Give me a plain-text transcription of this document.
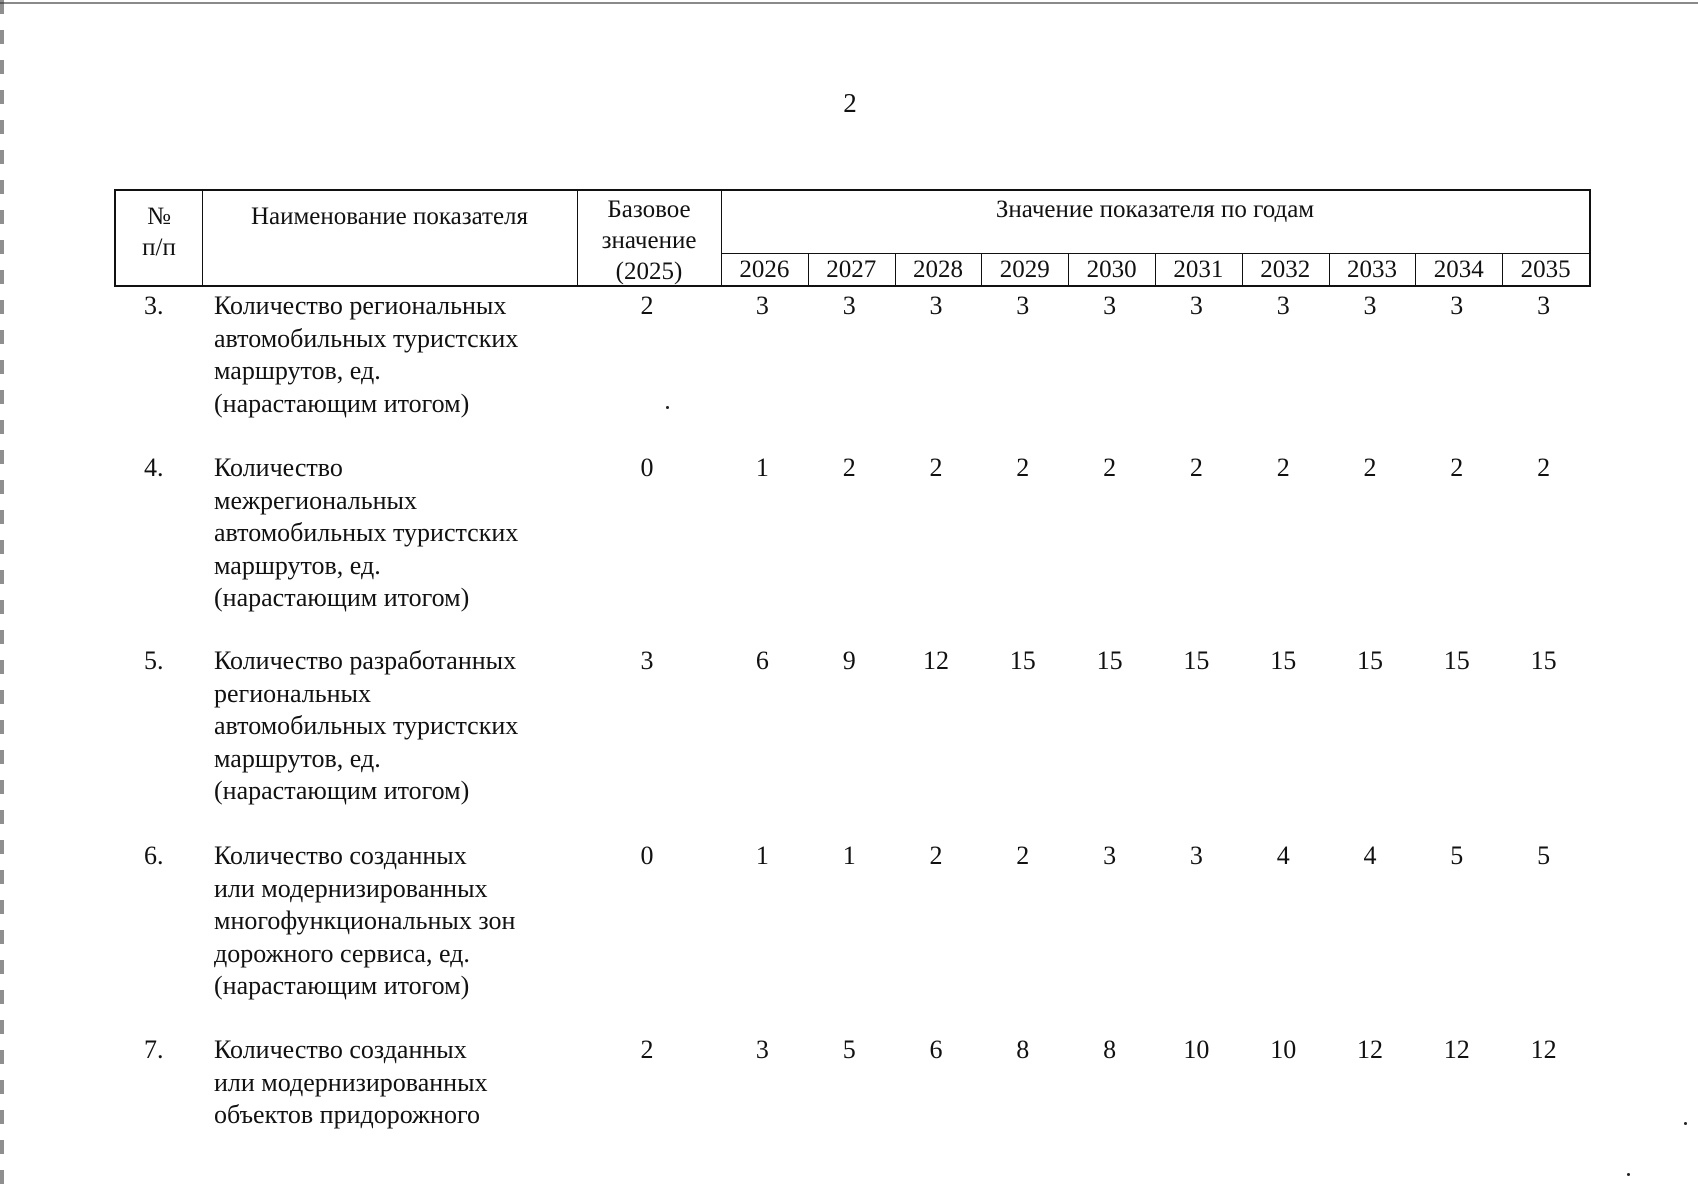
2
№
п/п
Наименование показателя	Базовое
значение
(2025)
Значение показателя по годам
2026	2027	2028	2029	2030	2031	2032	2033	2034	2035
3.	Количество региональных
автомобильных туристских
маршрутов, ед.
(нарастающим итогом)
2	3	3	3	3	3	3	3	3	3	3
4.	Количество
межрегиональных
автомобильных туристских
маршрутов, ед.
(нарастающим итогом)
0	1	2	2	2	2	2	2	2	2	2
5.	Количество разработанных
региональных
автомобильных туристских
маршрутов, ед.
(нарастающим итогом)
3	6	9	12	15	15	15	15	15	15	15
6.	Количество созданных
или модернизированных
многофункциональных зон
дорожного сервиса, ед.
(нарастающим итогом)
0	1	1	2	2	3	3	4	4	5	5
7.	Количество созданных
или модернизированных
объектов придорожного
2	3	5	6	8	8	10	10	12	12	12
